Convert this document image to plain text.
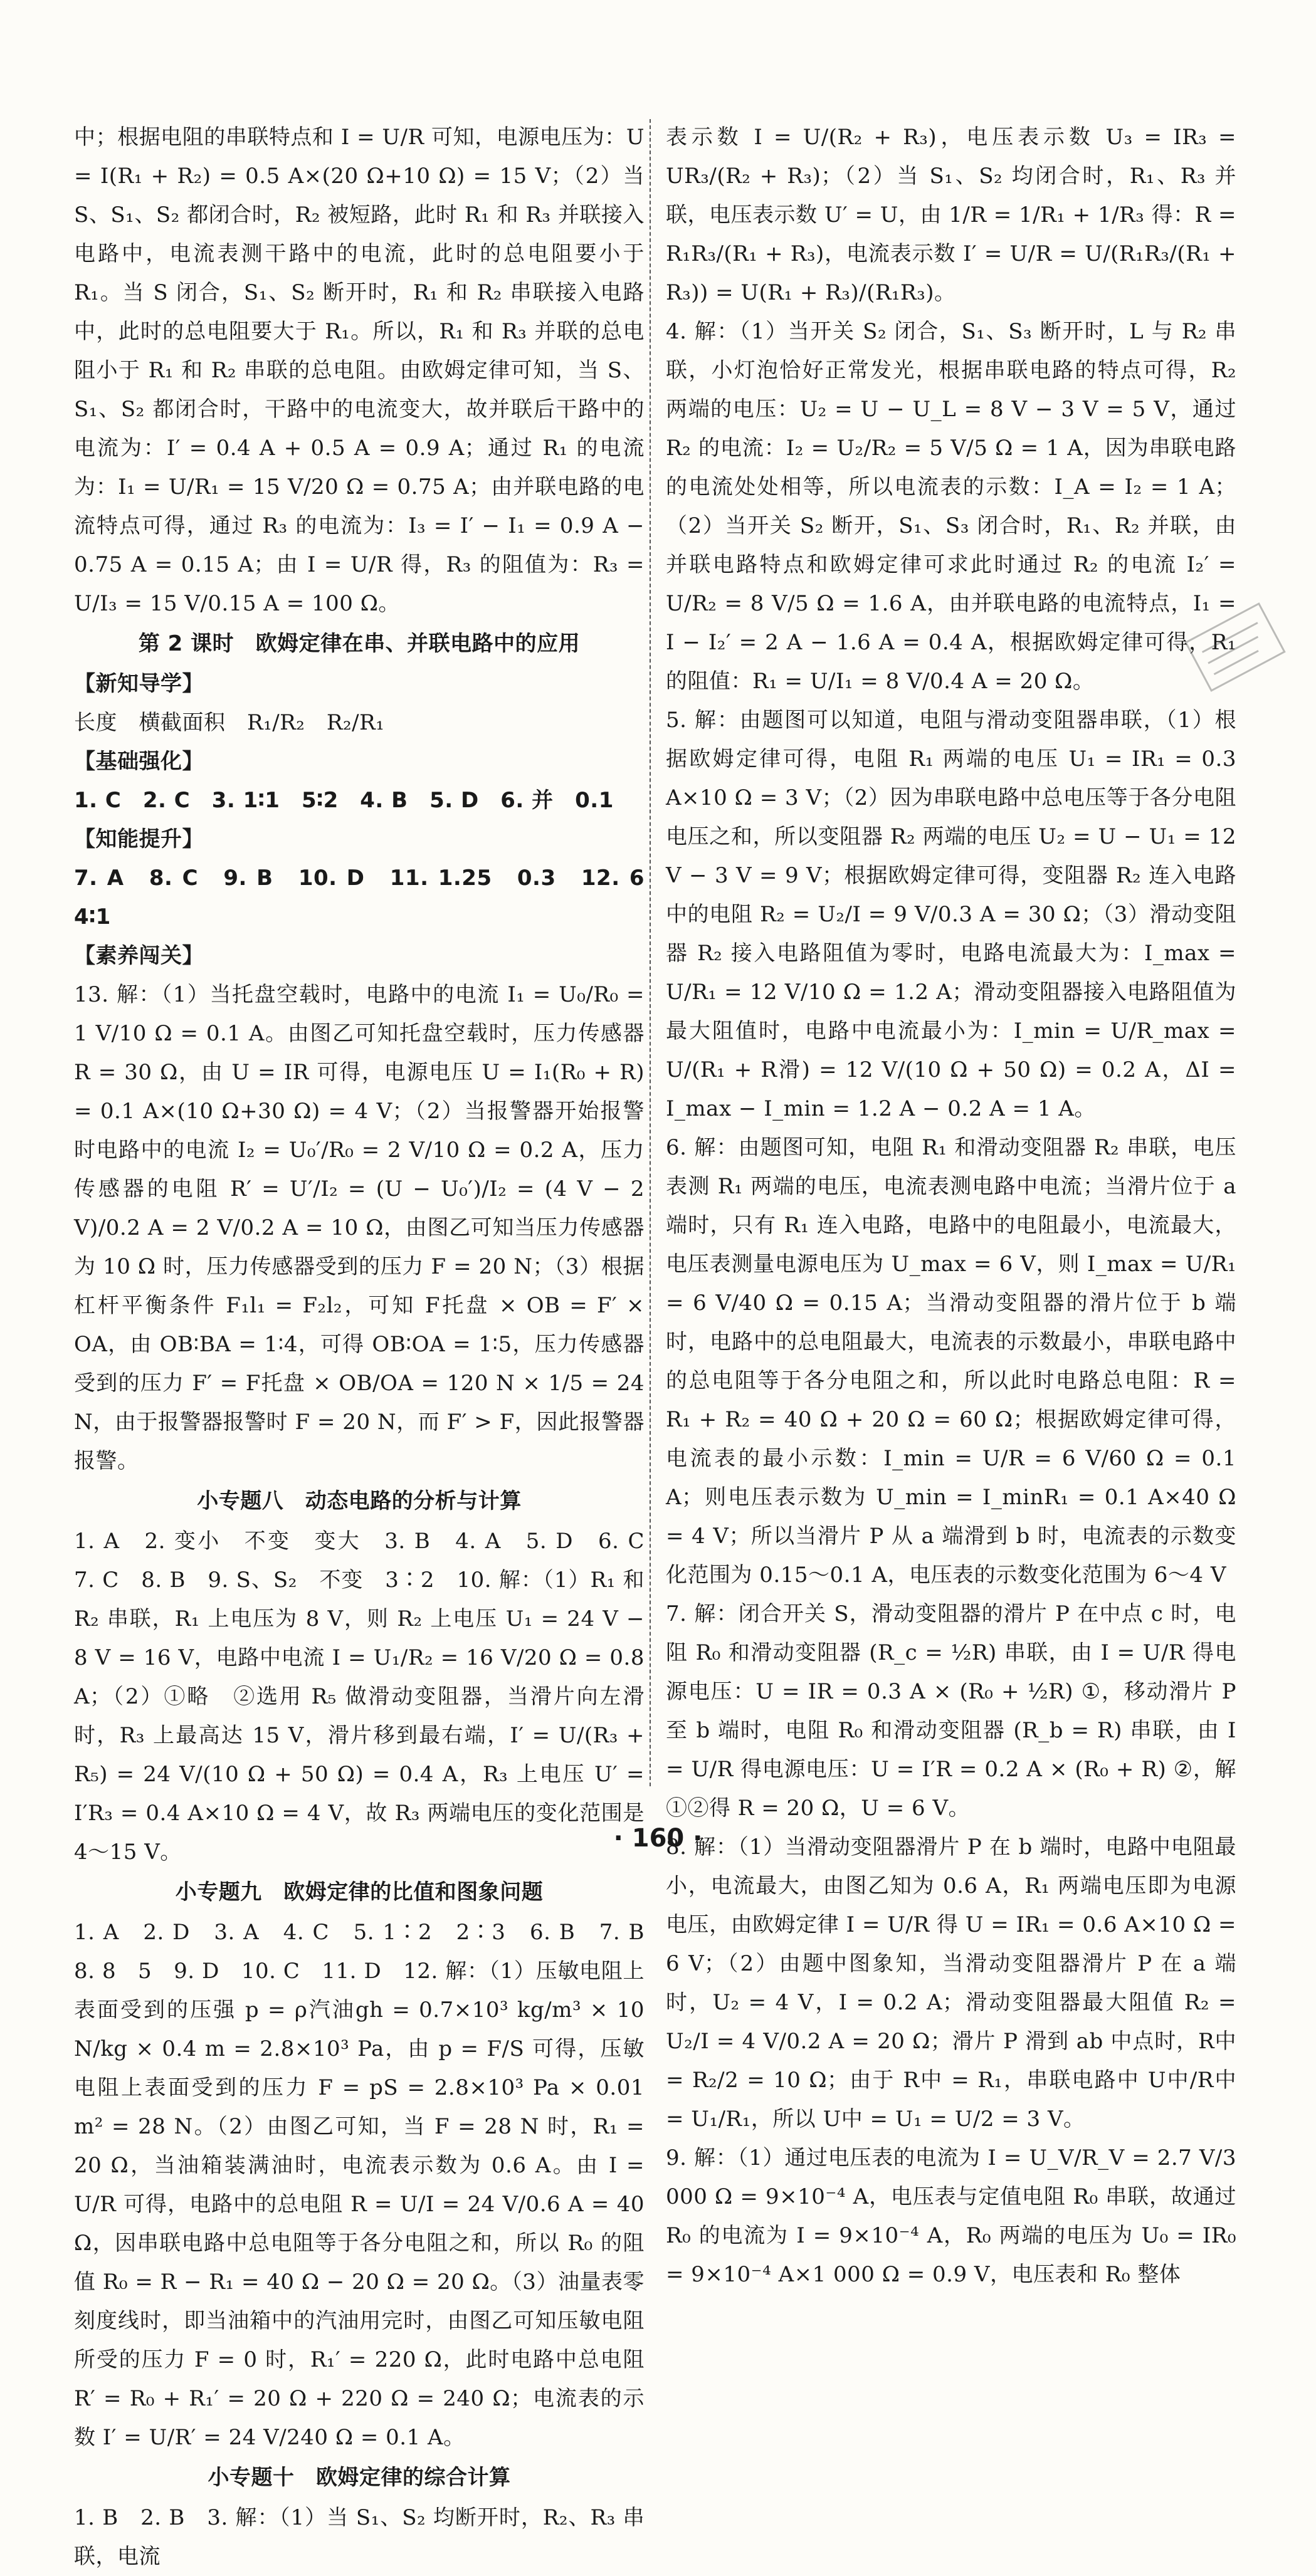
中；根据电阻的串联特点和 I = U/R 可知，电源电压为：U = I(R₁ + R₂) = 0.5 A×(20 Ω+10 Ω) = 15 V；（2）当 S、S₁、S₂ 都闭合时，R₂ 被短路，此时 R₁ 和 R₃ 并联接入电路中，电流表测干路中的电流，此时的总电阻要小于 R₁。当 S 闭合，S₁、S₂ 断开时，R₁ 和 R₂ 串联接入电路中，此时的总电阻要大于 R₁。所以，R₁ 和 R₃ 并联的总电阻小于 R₁ 和 R₂ 串联的总电阻。由欧姆定律可知，当 S、S₁、S₂ 都闭合时，干路中的电流变大，故并联后干路中的电流为：I′ = 0.4 A + 0.5 A = 0.9 A；通过 R₁ 的电流为：I₁ = U/R₁ = 15 V/20 Ω = 0.75 A；由并联电路的电流特点可得，通过 R₃ 的电流为：I₃ = I′ − I₁ = 0.9 A − 0.75 A = 0.15 A；由 I = U/R 得，R₃ 的阻值为：R₃ = U/I₃ = 15 V/0.15 A = 100 Ω。

第 2 课时　欧姆定律在串、并联电路中的应用

【新知导学】

长度　横截面积　R₁/R₂　R₂/R₁

【基础强化】

1. C　2. C　3. 1∶1　5∶2　4. B　5. D　6. 并　0.1

【知能提升】

7. A　8. C　9. B　10. D　11. 1.25　0.3　12. 6　4∶1

【素养闯关】

13. 解：（1）当托盘空载时，电路中的电流 I₁ = U₀/R₀ = 1 V/10 Ω = 0.1 A。由图乙可知托盘空载时，压力传感器 R = 30 Ω，由 U = IR 可得，电源电压 U = I₁(R₀ + R) = 0.1 A×(10 Ω+30 Ω) = 4 V；（2）当报警器开始报警时电路中的电流 I₂ = U₀′/R₀ = 2 V/10 Ω = 0.2 A，压力传感器的电阻 R′ = U′/I₂ = (U − U₀′)/I₂ = (4 V − 2 V)/0.2 A = 2 V/0.2 A = 10 Ω，由图乙可知当压力传感器为 10 Ω 时，压力传感器受到的压力 F = 20 N；（3）根据杠杆平衡条件 F₁l₁ = F₂l₂，可知 F托盘 × OB = F′ × OA，由 OB∶BA = 1∶4，可得 OB∶OA = 1∶5，压力传感器受到的压力 F′ = F托盘 × OB/OA = 120 N × 1/5 = 24 N，由于报警器报警时 F = 20 N，而 F′ > F，因此报警器报警。

小专题八　动态电路的分析与计算

1. A　2. 变小　不变　变大　3. B　4. A　5. D　6. C　7. C　8. B　9. S、S₂　不变　3∶2　10. 解：（1）R₁ 和 R₂ 串联，R₁ 上电压为 8 V，则 R₂ 上电压 U₁ = 24 V − 8 V = 16 V，电路中电流 I = U₁/R₂ = 16 V/20 Ω = 0.8 A；（2）①略　②选用 R₅ 做滑动变阻器，当滑片向左滑时，R₃ 上最高达 15 V，滑片移到最右端，I′ = U/(R₃ + R₅) = 24 V/(10 Ω + 50 Ω) = 0.4 A，R₃ 上电压 U′ = I′R₃ = 0.4 A×10 Ω = 4 V，故 R₃ 两端电压的变化范围是4～15 V。

小专题九　欧姆定律的比值和图象问题

1. A　2. D　3. A　4. C　5. 1∶2　2∶3　6. B　7. B　8. 8　5　9. D　10. C　11. D　12. 解：（1）压敏电阻上表面受到的压强 p = ρ汽油gh = 0.7×10³ kg/m³ × 10 N/kg × 0.4 m = 2.8×10³ Pa，由 p = F/S 可得，压敏电阻上表面受到的压力 F = pS = 2.8×10³ Pa × 0.01 m² = 28 N。（2）由图乙可知，当 F = 28 N 时，R₁ = 20 Ω，当油箱装满油时，电流表示数为 0.6 A。由 I = U/R 可得，电路中的总电阻 R = U/I = 24 V/0.6 A = 40 Ω，因串联电路中总电阻等于各分电阻之和，所以 R₀ 的阻值 R₀ = R − R₁ = 40 Ω − 20 Ω = 20 Ω。（3）油量表零刻度线时，即当油箱中的汽油用完时，由图乙可知压敏电阻所受的压力 F = 0 时，R₁′ = 220 Ω，此时电路中总电阻 R′ = R₀ + R₁′ = 20 Ω + 220 Ω = 240 Ω；电流表的示数 I′ = U/R′ = 24 V/240 Ω = 0.1 A。

小专题十　欧姆定律的综合计算

1. B　2. B　3. 解：（1）当 S₁、S₂ 均断开时，R₂、R₃ 串联，电流

表示数 I = U/(R₂ + R₃)，电压表示数 U₃ = IR₃ = UR₃/(R₂ + R₃)；（2）当 S₁、S₂ 均闭合时，R₁、R₃ 并联，电压表示数 U′ = U，由 1/R = 1/R₁ + 1/R₃ 得：R = R₁R₃/(R₁ + R₃)，电流表示数 I′ = U/R = U/(R₁R₃/(R₁ + R₃)) = U(R₁ + R₃)/(R₁R₃)。

4. 解：（1）当开关 S₂ 闭合，S₁、S₃ 断开时，L 与 R₂ 串联，小灯泡恰好正常发光，根据串联电路的特点可得，R₂ 两端的电压：U₂ = U − U_L = 8 V − 3 V = 5 V，通过 R₂ 的电流：I₂ = U₂/R₂ = 5 V/5 Ω = 1 A，因为串联电路的电流处处相等，所以电流表的示数：I_A = I₂ = 1 A；（2）当开关 S₂ 断开，S₁、S₃ 闭合时，R₁、R₂ 并联，由并联电路特点和欧姆定律可求此时通过 R₂ 的电流 I₂′ = U/R₂ = 8 V/5 Ω = 1.6 A，由并联电路的电流特点，I₁ = I − I₂′ = 2 A − 1.6 A = 0.4 A，根据欧姆定律可得，R₁ 的阻值：R₁ = U/I₁ = 8 V/0.4 A = 20 Ω。

5. 解：由题图可以知道，电阻与滑动变阻器串联，（1）根据欧姆定律可得，电阻 R₁ 两端的电压 U₁ = IR₁ = 0.3 A×10 Ω = 3 V；（2）因为串联电路中总电压等于各分电阻电压之和，所以变阻器 R₂ 两端的电压 U₂ = U − U₁ = 12 V − 3 V = 9 V；根据欧姆定律可得，变阻器 R₂ 连入电路中的电阻 R₂ = U₂/I = 9 V/0.3 A = 30 Ω；（3）滑动变阻器 R₂ 接入电路阻值为零时，电路电流最大为：I_max = U/R₁ = 12 V/10 Ω = 1.2 A；滑动变阻器接入电路阻值为最大阻值时，电路中电流最小为：I_min = U/R_max = U/(R₁ + R滑) = 12 V/(10 Ω + 50 Ω) = 0.2 A，ΔI = I_max − I_min = 1.2 A − 0.2 A = 1 A。

6. 解：由题图可知，电阻 R₁ 和滑动变阻器 R₂ 串联，电压表测 R₁ 两端的电压，电流表测电路中电流；当滑片位于 a 端时，只有 R₁ 连入电路，电路中的电阻最小，电流最大，电压表测量电源电压为 U_max = 6 V，则 I_max = U/R₁ = 6 V/40 Ω = 0.15 A；当滑动变阻器的滑片位于 b 端时，电路中的总电阻最大，电流表的示数最小，串联电路中的总电阻等于各分电阻之和，所以此时电路总电阻：R = R₁ + R₂ = 40 Ω + 20 Ω = 60 Ω；根据欧姆定律可得，电流表的最小示数：I_min = U/R = 6 V/60 Ω = 0.1 A；则电压表示数为 U_min = I_minR₁ = 0.1 A×40 Ω = 4 V；所以当滑片 P 从 a 端滑到 b 时，电流表的示数变化范围为 0.15～0.1 A，电压表的示数变化范围为 6～4 V

7. 解：闭合开关 S，滑动变阻器的滑片 P 在中点 c 时，电阻 R₀ 和滑动变阻器 (R_c = ½R) 串联，由 I = U/R 得电源电压：U = IR = 0.3 A × (R₀ + ½R) ①，移动滑片 P 至 b 端时，电阻 R₀ 和滑动变阻器 (R_b = R) 串联，由 I = U/R 得电源电压：U = I′R = 0.2 A × (R₀ + R) ②，解①②得 R = 20 Ω，U = 6 V。

8. 解：（1）当滑动变阻器滑片 P 在 b 端时，电路中电阻最小，电流最大，由图乙知为 0.6 A，R₁ 两端电压即为电源电压，由欧姆定律 I = U/R 得 U = IR₁ = 0.6 A×10 Ω = 6 V；（2）由题中图象知，当滑动变阻器滑片 P 在 a 端时，U₂ = 4 V，I = 0.2 A；滑动变阻器最大阻值 R₂ = U₂/I = 4 V/0.2 A = 20 Ω；滑片 P 滑到 ab 中点时，R中 = R₂/2 = 10 Ω；由于 R中 = R₁，串联电路中 U中/R中 = U₁/R₁，所以 U中 = U₁ = U/2 = 3 V。

9. 解：（1）通过电压表的电流为 I = U_V/R_V = 2.7 V/3 000 Ω = 9×10⁻⁴ A，电压表与定值电阻 R₀ 串联，故通过 R₀ 的电流为 I = 9×10⁻⁴ A，R₀ 两端的电压为 U₀ = IR₀ = 9×10⁻⁴ A×1 000 Ω = 0.9 V，电压表和 R₀ 整体

· 160 ·
